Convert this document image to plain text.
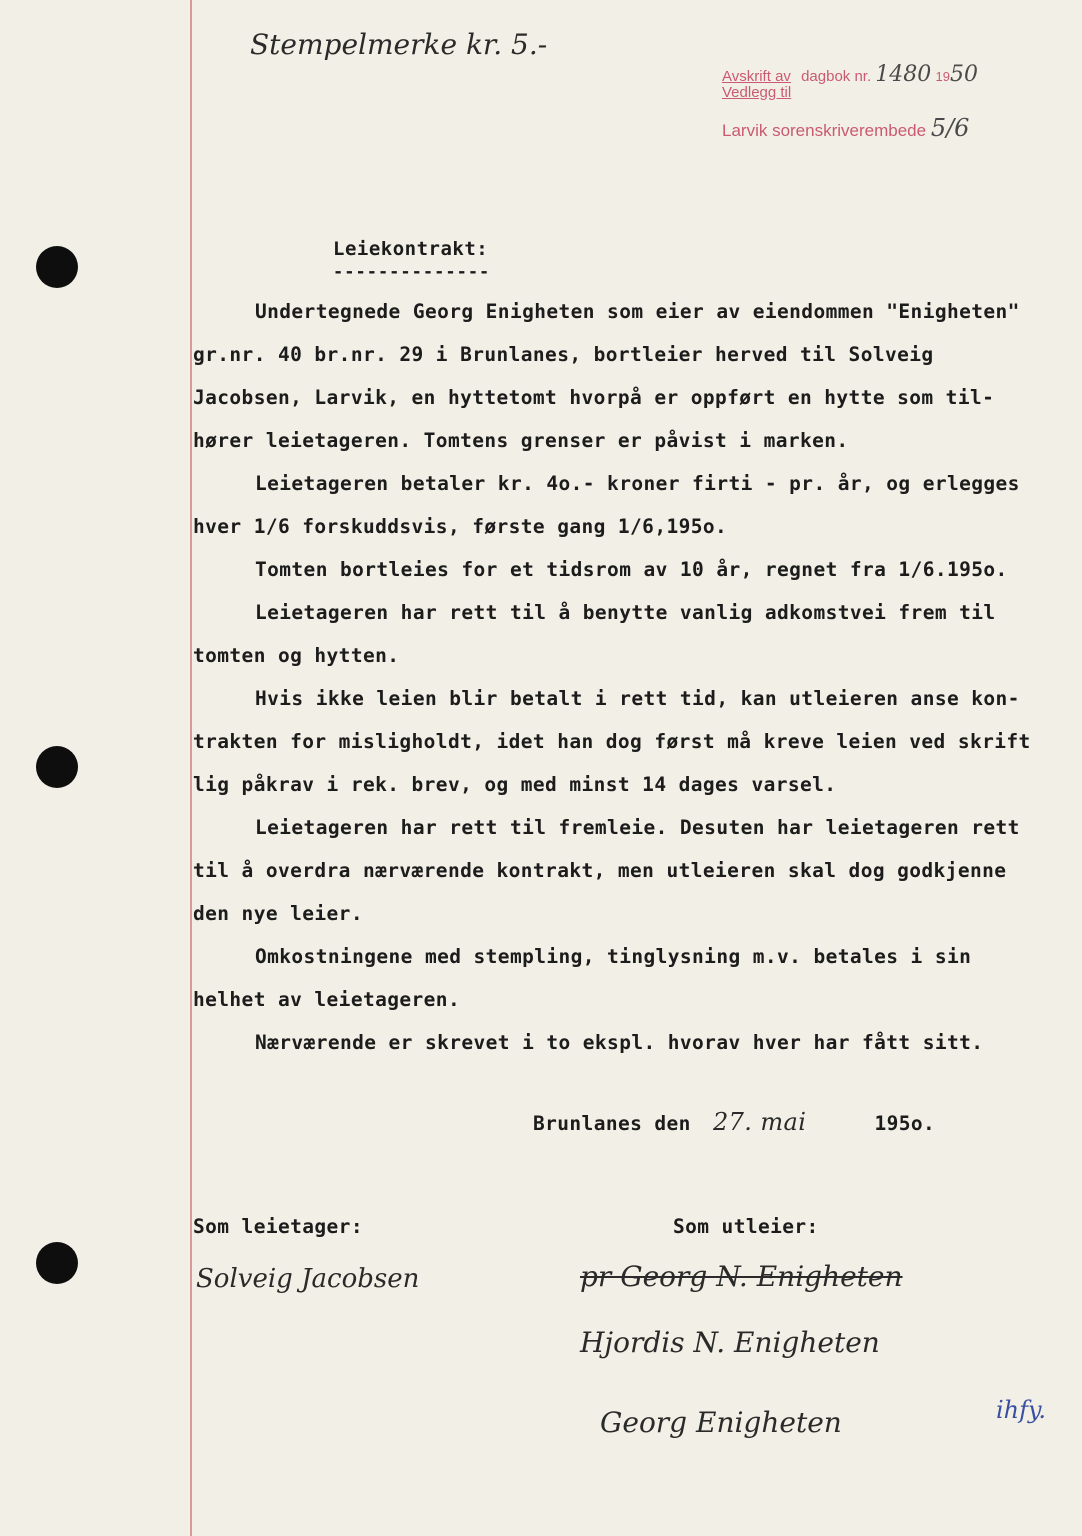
Stempelmerke kr. 5.-
Avskrift av dagbok nr. 1480 1950
Vedlegg til
Larvik sorenskriverembede 5/6
Leiekontrakt:
--------------
Undertegnede Georg Enigheten som eier av eiendommen "Enigheten"
gr.nr. 40 br.nr. 29 i Brunlanes, bortleier herved til Solveig
Jacobsen, Larvik, en hyttetomt hvorpå er oppført en hytte som til-
hører leietageren. Tomtens grenser er påvist i marken.
Leietageren betaler kr. 4o.- kroner firti - pr. år, og erlegges
hver 1/6 forskuddsvis, første gang 1/6,195o.
Tomten bortleies for et tidsrom av 10 år, regnet fra 1/6.195o.
Leietageren har rett til å benytte vanlig adkomstvei frem til
tomten og hytten.
Hvis ikke leien blir betalt i rett tid, kan utleieren anse kon-
trakten for misligholdt, idet han dog først må kreve leien ved skrift
lig påkrav i rek. brev, og med minst 14 dages varsel.
Leietageren har rett til fremleie. Desuten har leietageren rett
til å overdra nærværende kontrakt, men utleieren skal dog godkjenne
den nye leier.
Omkostningene med stempling, tinglysning m.v. betales i sin
helhet av leietageren.
Nærværende er skrevet i to ekspl. hvorav hver har fått sitt.
Brunlanes den 27. mai	195o.
Som leietager:	Som utleier:
Solveig Jacobsen	pr Georg N. Enigheten
Hjordis N. Enigheten
Georg Enigheten	ihfy.
